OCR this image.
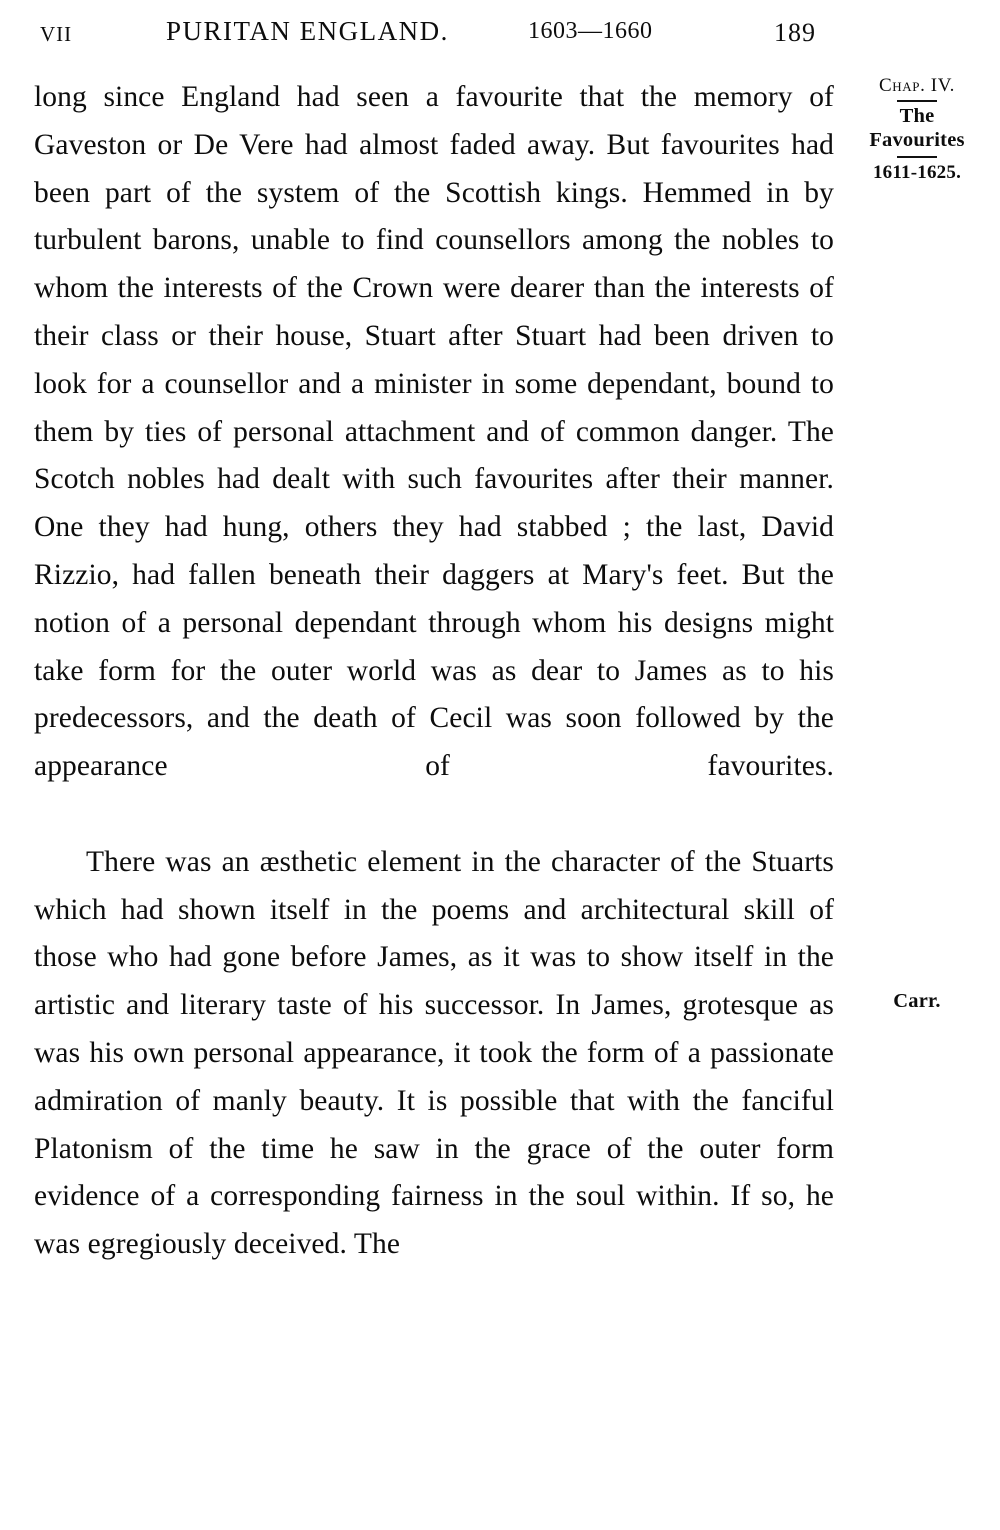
VII	PURITAN ENGLAND.	1603—1660	189

long since England had seen a favourite that the memory of Gaveston or De Vere had almost faded away. But favourites had been part of the system of the Scottish kings. Hemmed in by turbulent barons, unable to find counsellors among the nobles to whom the interests of the Crown were dearer than the interests of their class or their house, Stuart after Stuart had been driven to look for a counsellor and a minister in some dependant, bound to them by ties of personal attachment and of common danger. The Scotch nobles had dealt with such favourites after their manner. One they had hung, others they had stabbed ; the last, David Rizzio, had fallen beneath their daggers at Mary's feet. But the notion of a personal dependant through whom his designs might take form for the outer world was as dear to James as to his predecessors, and the death of Cecil was soon followed by the appearance of favourites.

There was an æsthetic element in the character of the Stuarts which had shown itself in the poems and architectural skill of those who had gone before James, as it was to show itself in the artistic and literary taste of his successor. In James, grotesque as was his own personal appearance, it took the form of a passionate admiration of manly beauty. It is possible that with the fanciful Platonism of the time he saw in the grace of the outer form evidence of a corresponding fairness in the soul within. If so, he was egregiously deceived. The

Chap. IV.
The Favourites
1611-1625.
Carr.
